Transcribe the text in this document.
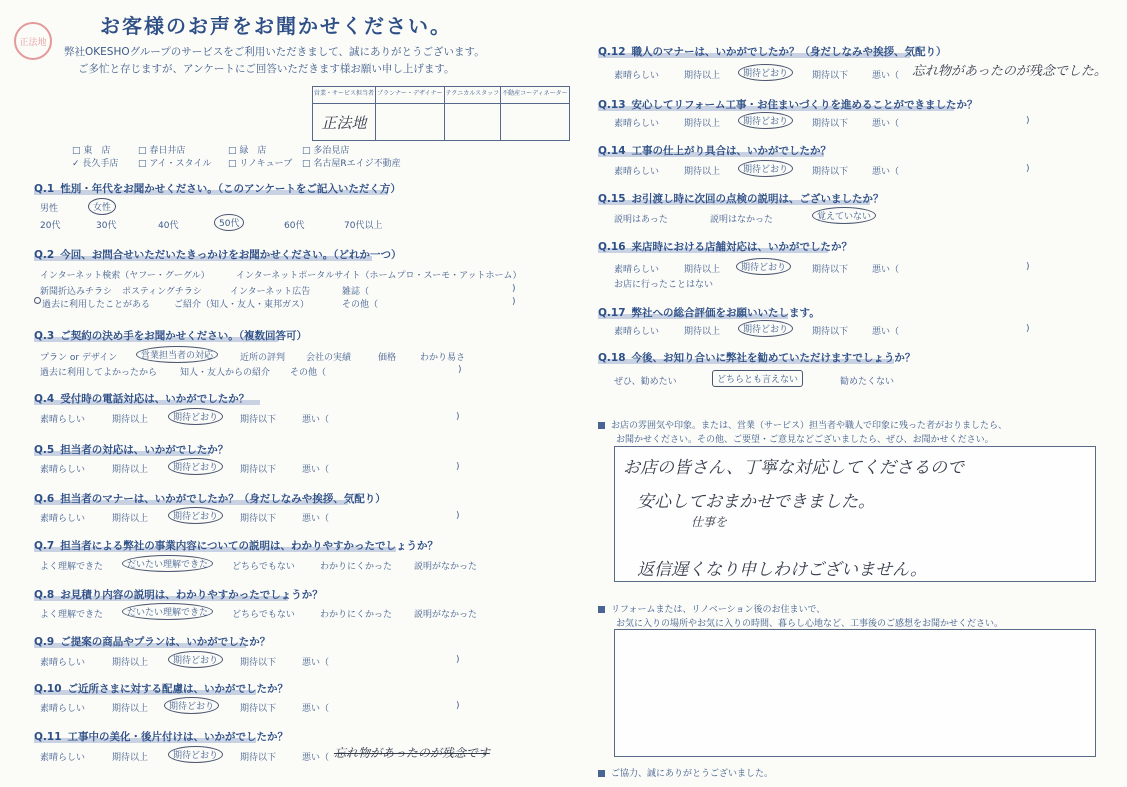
正法地
お客様のお声をお聞かせください。
弊社OKESHOグループのサービスをご利用いただきまして、誠にありがとうございます。
ご多忙と存じますが、アンケートにご回答いただきます様お願い申し上げます。
営業・サービス担当者	プランナー・デザイナー	テクニカルスタッフ	不動産コーディネーター
正法地			
□ 東　店	□ 春日井店	□ 緑　店	□ 多治見店
✓ 長久手店 □ アイ・スタイル □ リノキューブ □ 名古屋Rエイジ不動産
Q.1 性別・年代をお聞かせください。（このアンケートをご記入いただく方）
男性	女性
20代	30代	40代	50代	60代	70代以上
Q.2 今回、お問合せいただいたきっかけをお聞かせください。（どれか一つ）
インターネット検索（ヤフー・グーグル）	インターネットポータルサイト（ホームプロ・スーモ・アットホーム）
新聞折込みチラシ ポスティングチラシ	インターネット広告	雑誌（	)
過去に利用したことがある	ご紹介（知人・友人・東邦ガス）	その他（	)
Q.3 ご契約の決め手をお聞かせください。（複数回答可）
プラン or デザイン	営業担当者の対応	近所の評判 会社の実績	価格	わかり易さ
過去に利用してよかったから	知人・友人からの紹介 その他（	)
Q.4 受付時の電話対応は、いかがでしたか？
素晴らしい	期待以上	期待どおり	期待以下	悪い（	)
Q.5 担当者の対応は、いかがでしたか？
素晴らしい	期待以上	期待どおり	期待以下	悪い（	)
Q.6 担当者のマナーは、いかがでしたか？（身だしなみや挨拶、気配り）
素晴らしい	期待以上	期待どおり	期待以下	悪い（	)
Q.7 担当者による弊社の事業内容についての説明は、わかりやすかったでしょうか？
よく理解できた	だいたい理解できた	どちらでもない	わかりにくかった 説明がなかった
Q.8 お見積り内容の説明は、わかりやすかったでしょうか？
よく理解できた	だいたい理解できた	どちらでもない	わかりにくかった 説明がなかった
Q.9 ご提案の商品やプランは、いかがでしたか？
素晴らしい	期待以上	期待どおり	期待以下	悪い（	)
Q.10 ご近所さまに対する配慮は、いかがでしたか？
素晴らしい	期待以上	期待どおり	期待以下	悪い（	)
Q.11 工事中の美化・後片付けは、いかがでしたか？
素晴らしい	期待以上	期待どおり	期待以下	悪い（ 忘れ物があったのが残念です
Q.12 職人のマナーは、いかがでしたか？（身だしなみや挨拶、気配り）
素晴らしい	期待以上	期待どおり	期待以下	悪い（ 忘れ物があったのが残念でした。
Q.13 安心してリフォーム工事・お住まいづくりを進めることができましたか？
素晴らしい	期待以上	期待どおり	期待以下	悪い（	)
Q.14 工事の仕上がり具合は、いかがでしたか？
素晴らしい	期待以上	期待どおり	期待以下	悪い（	)
Q.15 お引渡し時に次回の点検の説明は、ございましたか？
説明はあった	説明はなかった	覚えていない
Q.16 来店時における店舗対応は、いかがでしたか？
素晴らしい	期待以上	期待どおり	期待以下	悪い（	)
お店に行ったことはない
Q.17 弊社への総合評価をお願いいたします。
素晴らしい	期待以上	期待どおり	期待以下	悪い（	)
Q.18 今後、お知り合いに弊社を勧めていただけますでしょうか？
ぜひ、勧めたい	どちらとも言えない	勧めたくない
お店の雰囲気や印象。または、営業（サービス）担当者や職人で印象に残った者がおりましたら、
お聞かせください。その他、ご要望・ご意見などございましたら、ぜひ、お聞かせください。
お店の皆さん、丁寧な対応してくださるので
安心しておまかせできました。
仕事を
返信遅くなり申しわけございません。
リフォームまたは、リノベーション後のお住まいで、
お気に入りの場所やお気に入りの時間、暮らし心地など、工事後のご感想をお聞かせください。
ご協力、誠にありがとうございました。
